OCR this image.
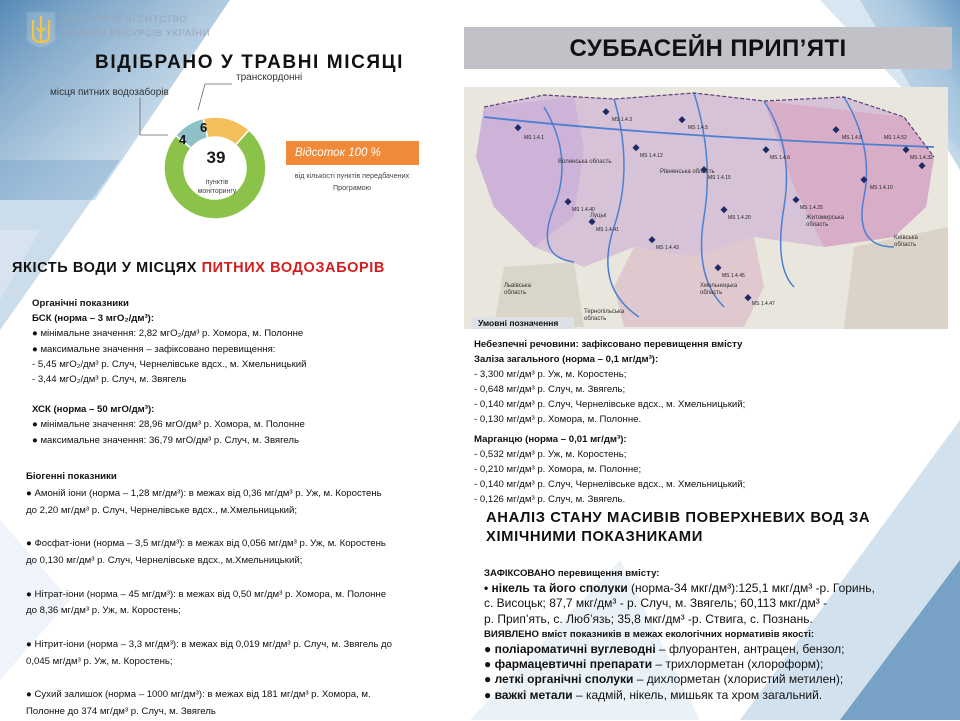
ДЕРЖАВНЕ АГЕНТСТВО
ВОДНИХ РЕСУРСІВ УКРАЇНИ
ВІДІБРАНО У ТРАВНІ МІСЯЦІ
транскордонні
місця питних водозаборів
39
пунктів моніторингу
4
6
Відсоток 100 %
від кількості пунктів передбачених Програмою
ЯКІСТЬ ВОДИ У МІСЦЯХ ПИТНИХ ВОДОЗАБОРІВ
Органічні показники
БСК (норма – 3 мгО₂/дм³):
● мінімальне значення: 2,82 мгО₂/дм³ р. Хомора, м. Полонне
● максимальне значення – зафіксовано перевищення:
- 5,45 мгО₂/дм³ р. Случ, Чернелівське вдсх., м. Хмельницький
- 3,44 мгО₂/дм³ р. Случ, м. Звягель
ХСК (норма – 50 мгО/дм³):
● мінімальне значення: 28,96 мгО/дм³ р. Хомора, м. Полонне
● максимальне значення: 36,79 мгО/дм³ р. Случ, м. Звягель
Біогенні показники
● Амоній іони (норма – 1,28 мг/дм³): в межах від 0,36 мг/дм³ р. Уж, м. Коростень
до 2,20 мг/дм³ р. Случ, Чернелівське вдсх., м.Хмельницький;
● Фосфат-іони (норма – 3,5 мг/дм³): в межах від 0,056 мг/дм³ р. Уж, м. Коростень
до 0,130 мг/дм³ р. Случ, Чернелівське вдсх., м.Хмельницький;
● Нітрат-іони (норма – 45 мг/дм³): в межах від 0,50 мг/дм³ р. Хомора, м. Полонне
до 8,36 мг/дм³ р. Уж, м. Коростень;
● Нітрит-іони (норма – 3,3 мг/дм³): в межах від 0,019 мг/дм³ р. Случ, м. Звягель до
0,045 мг/дм³ р. Уж, м. Коростень;
● Сухий залишок (норма – 1000 мг/дм³): в межах від 181 мг/дм³ р. Хомора, м.
Полонне до 374 мг/дм³ р. Случ, м. Звягель
СУББАСЕЙН ПРИП’ЯТІ
Волинська область
Рівненська область
Житомирська область
Київська область
Львівська область
Тернопільська область
Хмельницька область
Луцьк
MS 1.4.1
MS 1.4.3
MS 1.4.5
MS 1.4.6
MS 1.4.8
MS 1.4.10
MS 1.4.12
MS 1.4.15
MS 1.4.20
MS 1.4.25
MS 1.4.32
MS 1.4.40
MS 1.4.41
MS 1.4.43
MS 1.4.45
MS 1.4.47
MS 1.4.52
Умовні позначення
Небезпечні речовини: зафіксовано перевищення вмісту
Заліза загального (норма – 0,1 мг/дм³):
- 3,300 мг/дм³ р. Уж, м. Коростень;
- 0,648 мг/дм³ р. Случ, м. Звягель;
- 0,140 мг/дм³ р. Случ, Чернелівське вдсх., м. Хмельницький;
- 0,130 мг/дм³ р. Хомора, м. Полонне.
Марганцю (норма – 0,01 мг/дм³):
- 0,532 мг/дм³ р. Уж, м. Коростень;
- 0,210 мг/дм³ р. Хомора, м. Полонне;
- 0,140 мг/дм³ р. Случ, Чернелівське вдсх., м. Хмельницький;
- 0,126 мг/дм³ р. Случ, м. Звягель.
АНАЛІЗ СТАНУ МАСИВІВ ПОВЕРХНЕВИХ ВОД ЗА ХІМІЧНИМИ ПОКАЗНИКАМИ
ЗАФІКСОВАНО перевищення вмісту:
• нікель та його сполуки (норма-34 мкг/дм³):125,1 мкг/дм³ -р. Горинь,
с. Висоцьк; 87,7 мкг/дм³ - р. Случ, м. Звягель; 60,113 мкг/дм³ -
р. Прип’ять, с. Люб’язь; 35,8 мкг/дм³ -р. Ствига, с. Познань.
ВИЯВЛЕНО вміст показників в межах екологічних нормативів якості:
● поліароматичні вуглеводні – флуорантен, антрацен, бензол;
● фармацевтичні препарати – трихлорметан (хлороформ);
● леткі органічні сполуки – дихлорметан (хлористий метилен);
● важкі метали – кадмій, нікель, мишьяк та хром загальний.
